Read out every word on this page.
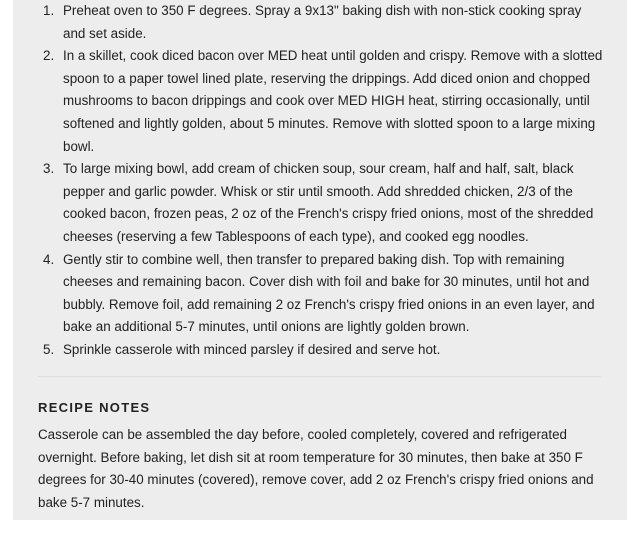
1. Preheat oven to 350 F degrees. Spray a 9x13" baking dish with non-stick cooking spray and set aside.
2. In a skillet, cook diced bacon over MED heat until golden and crispy. Remove with a slotted spoon to a paper towel lined plate, reserving the drippings. Add diced onion and chopped mushrooms to bacon drippings and cook over MED HIGH heat, stirring occasionally, until softened and lightly golden, about 5 minutes. Remove with slotted spoon to a large mixing bowl.
3. To large mixing bowl, add cream of chicken soup, sour cream, half and half, salt, black pepper and garlic powder. Whisk or stir until smooth. Add shredded chicken, 2/3 of the cooked bacon, frozen peas, 2 oz of the French's crispy fried onions, most of the shredded cheeses (reserving a few Tablespoons of each type), and cooked egg noodles.
4. Gently stir to combine well, then transfer to prepared baking dish. Top with remaining cheeses and remaining bacon. Cover dish with foil and bake for 30 minutes, until hot and bubbly. Remove foil, add remaining 2 oz French's crispy fried onions in an even layer, and bake an additional 5-7 minutes, until onions are lightly golden brown.
5. Sprinkle casserole with minced parsley if desired and serve hot.
RECIPE NOTES

Casserole can be assembled the day before, cooled completely, covered and refrigerated overnight. Before baking, let dish sit at room temperature for 30 minutes, then bake at 350 F degrees for 30-40 minutes (covered), remove cover, add 2 oz French's crispy fried onions and bake 5-7 minutes.
